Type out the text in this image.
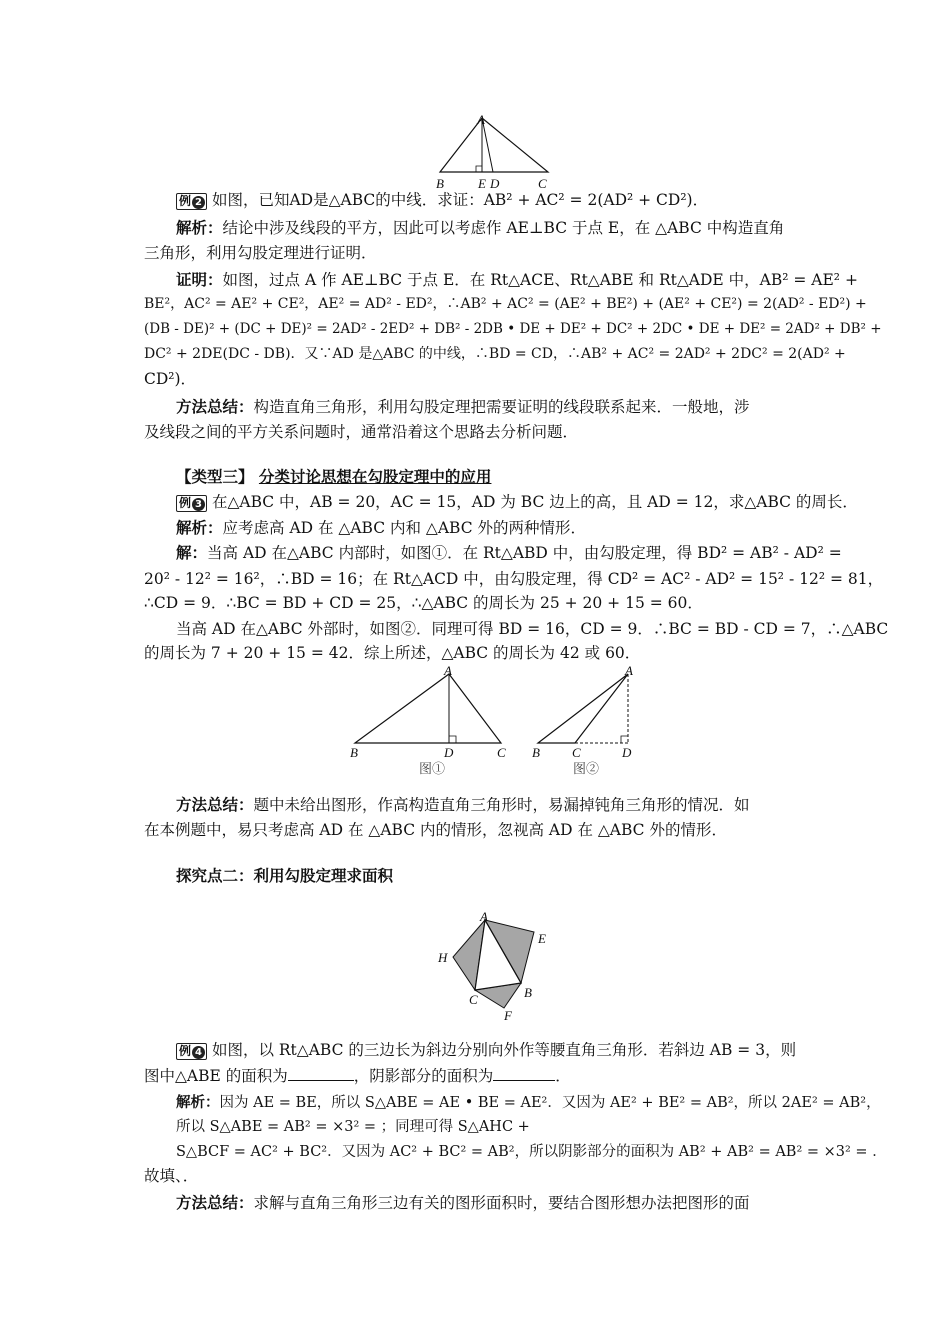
A
B	E D	C
例 2 如图，已知AD是△ABC的中线．求证：AB² + AC² = 2(AD² + CD²)．
解析：结论中涉及线段的平方，因此可以考虑作 AE⊥BC 于点 E，在 △ABC 中构造直角
三角形，利用勾股定理进行证明．
证明：如图，过点 A 作 AE⊥BC 于点 E．在 Rt△ACE、Rt△ABE 和 Rt△ADE 中，AB² = AE² +
BE²，AC² = AE² + CE²，AE² = AD² - ED²，∴AB² + AC² = (AE² + BE²) + (AE² + CE²) = 2(AD² - ED²) +
(DB - DE)² + (DC + DE)² = 2AD² - 2ED² + DB² - 2DB • DE + DE² + DC² + 2DC • DE + DE² = 2AD² + DB² +
DC² + 2DE(DC - DB)．又∵AD 是△ABC 的中线，∴BD = CD，∴AB² + AC² = 2AD² + 2DC² = 2(AD² +
CD²)．
方法总结：构造直角三角形，利用勾股定理把需要证明的线段联系起来．一般地，涉
及线段之间的平方关系问题时，通常沿着这个思路去分析问题．
【类型三】 分类讨论思想在勾股定理中的应用
例 3 在△ABC 中，AB = 20，AC = 15，AD 为 BC 边上的高，且 AD = 12，求△ABC 的周长．
解析：应考虑高 AD 在 △ABC 内和 △ABC 外的两种情形．
解：当高 AD 在△ABC 内部时，如图①．在 Rt△ABD 中，由勾股定理，得 BD² = AB² - AD² =
20² - 12² = 16²，∴BD = 16；在 Rt△ACD 中，由勾股定理，得 CD² = AC² - AD² = 15² - 12² = 81，
∴CD = 9．∴BC = BD + CD = 25，∴△ABC 的周长为 25 + 20 + 15 = 60．
当高 AD 在△ABC 外部时，如图②．同理可得 BD = 16，CD = 9．∴BC = BD - CD = 7，∴△ABC
的周长为 7 + 20 + 15 = 42．综上所述，△ABC 的周长为 42 或 60．
A
B	D	C
图①
A
B C	D
图②
方法总结：题中未给出图形，作高构造直角三角形时，易漏掉钝角三角形的情况．如
在本例题中，易只考虑高 AD 在 △ABC 内的情形，忽视高 AD 在 △ABC 外的情形．
探究点二：利用勾股定理求面积
A
E
H
B
C
F
例 4 如图，以 Rt△ABC 的三边长为斜边分别向外作等腰直角三角形．若斜边 AB = 3，则
图中△ABE 的面积为	，阴影部分的面积为	．
解析：因为 AE = BE，所以 S△ABE = AE • BE = AE²．又因为 AE² + BE² = AB²，所以 2AE² = AB²，
所以 S△ABE = AB² = ×3² = ；同理可得 S△AHC +
S△BCF = AC² + BC²．又因为 AC² + BC² = AB²，所以阴影部分的面积为 AB² + AB² = AB² = ×3² = ．
故填、．
方法总结：求解与直角三角形三边有关的图形面积时，要结合图形想办法把图形的面
